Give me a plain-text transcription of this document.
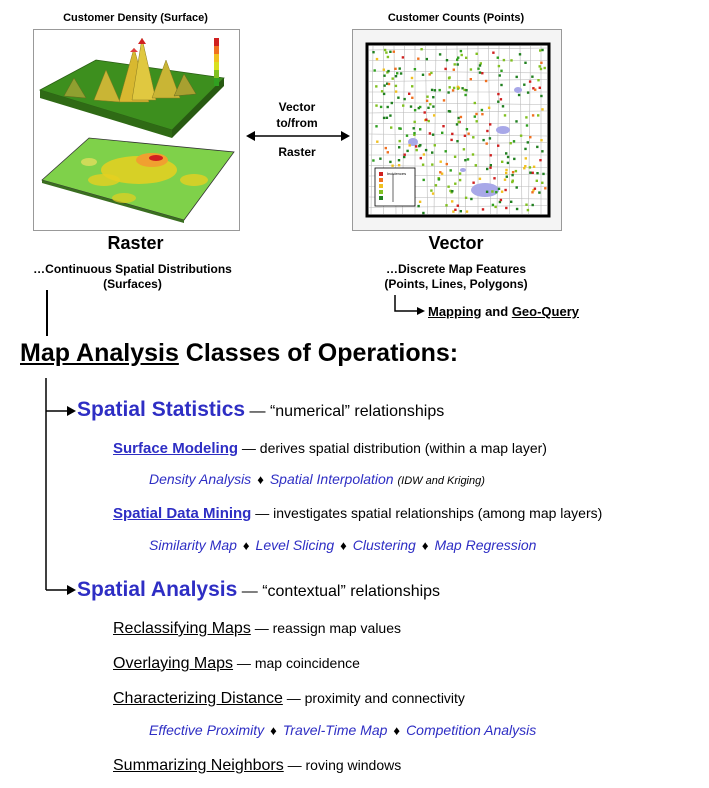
Customer Density (Surface)
Raster
…Continuous Spatial Distributions
(Surfaces)
Vector
to/from
Raster
Customer Counts (Points)
Incidences
Vector
…Discrete Map Features
(Points, Lines, Polygons)
Mapping and Geo-Query
Map Analysis Classes of Operations:
Spatial Statistics — “numerical” relationships
Surface Modeling — derives spatial distribution (within a map layer)
Density Analysis ♦ Spatial Interpolation (IDW and Kriging)
Spatial Data Mining — investigates spatial relationships (among map layers)
Similarity Map ♦ Level Slicing ♦ Clustering ♦ Map Regression
Spatial Analysis — “contextual” relationships
Reclassifying Maps — reassign map values
Overlaying Maps — map coincidence
Characterizing Distance — proximity and connectivity
Effective Proximity ♦ Travel-Time Map ♦ Competition Analysis
Summarizing Neighbors — roving windows
